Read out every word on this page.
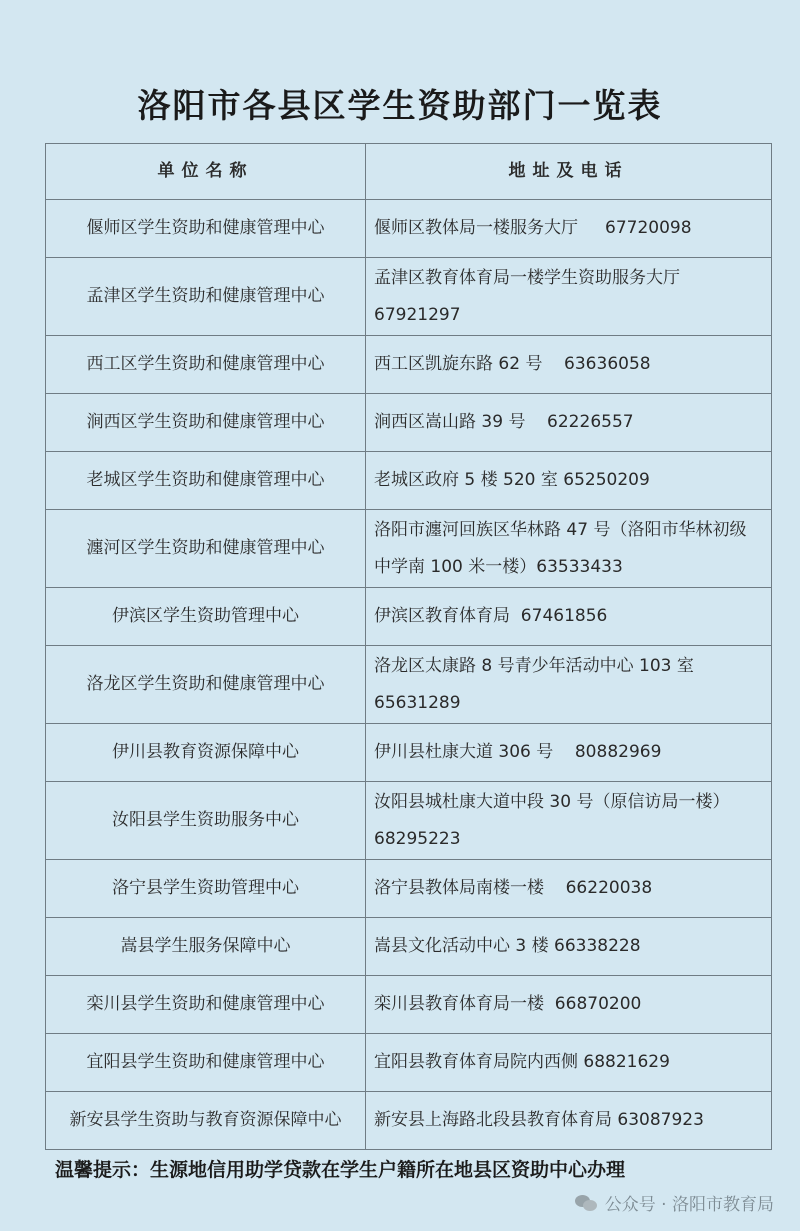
洛阳市各县区学生资助部门一览表
单位名称	地址及电话
偃师区学生资助和健康管理中心	偃师区教体局一楼服务大厅     67720098
孟津区学生资助和健康管理中心	孟津区教育体育局一楼学生资助服务大厅
67921297
西工区学生资助和健康管理中心	西工区凯旋东路 62 号    63636058
涧西区学生资助和健康管理中心	涧西区嵩山路 39 号    62226557
老城区学生资助和健康管理中心	老城区政府 5 楼 520 室 65250209
瀍河区学生资助和健康管理中心	洛阳市瀍河回族区华林路 47 号（洛阳市华林初级
中学南 100 米一楼）63533433
伊滨区学生资助管理中心	伊滨区教育体育局  67461856
洛龙区学生资助和健康管理中心	洛龙区太康路 8 号青少年活动中心 103 室
65631289
伊川县教育资源保障中心	伊川县杜康大道 306 号    80882969
汝阳县学生资助服务中心	汝阳县城杜康大道中段 30 号（原信访局一楼）
68295223
洛宁县学生资助管理中心	洛宁县教体局南楼一楼    66220038
嵩县学生服务保障中心	嵩县文化活动中心 3 楼 66338228
栾川县学生资助和健康管理中心	栾川县教育体育局一楼  66870200
宜阳县学生资助和健康管理中心	宜阳县教育体育局院内西侧 68821629
新安县学生资助与教育资源保障中心	新安县上海路北段县教育体育局 63087923
温馨提示：生源地信用助学贷款在学生户籍所在地县区资助中心办理
公众号 · 洛阳市教育局
